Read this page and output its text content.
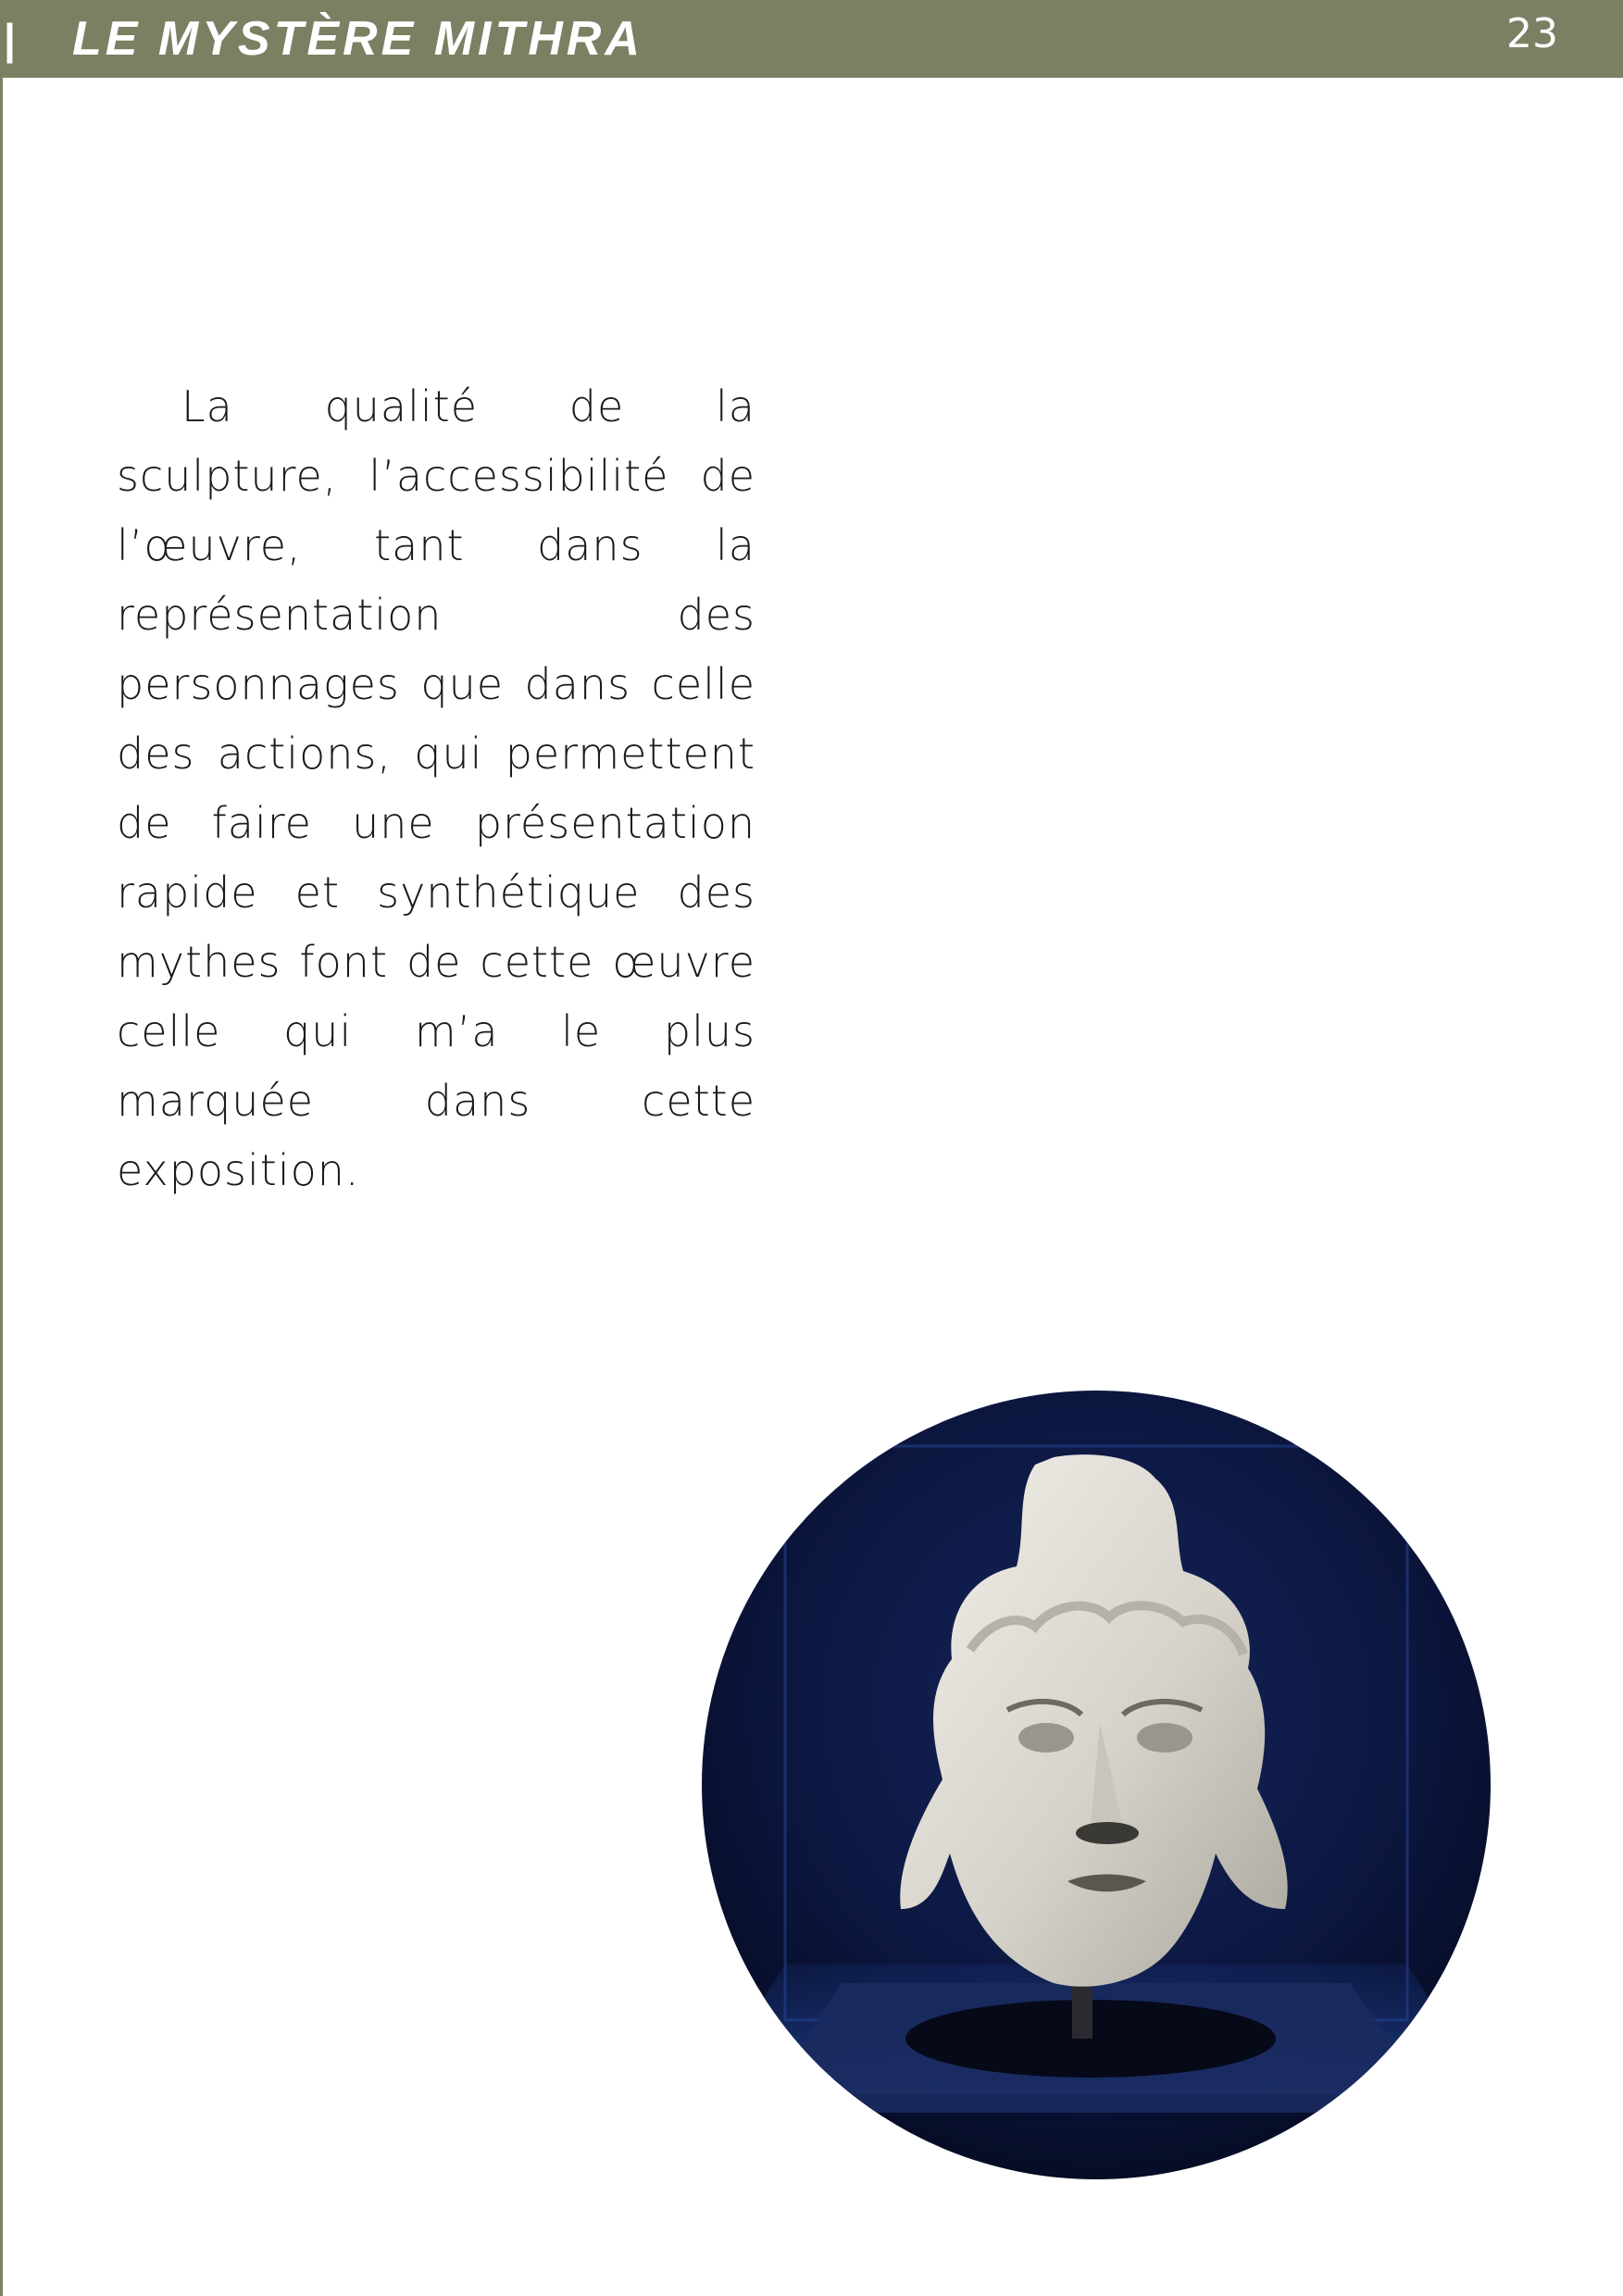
| LE MYSTÈRE MITHRA	23

La qualité de la sculpture, l’accessibilité de l’œuvre, tant dans la représentation des personnages que dans celle des actions, qui permettent de faire une présentation rapide et synthétique des mythes font de cette œuvre celle qui m’a le plus marquée dans cette exposition.
